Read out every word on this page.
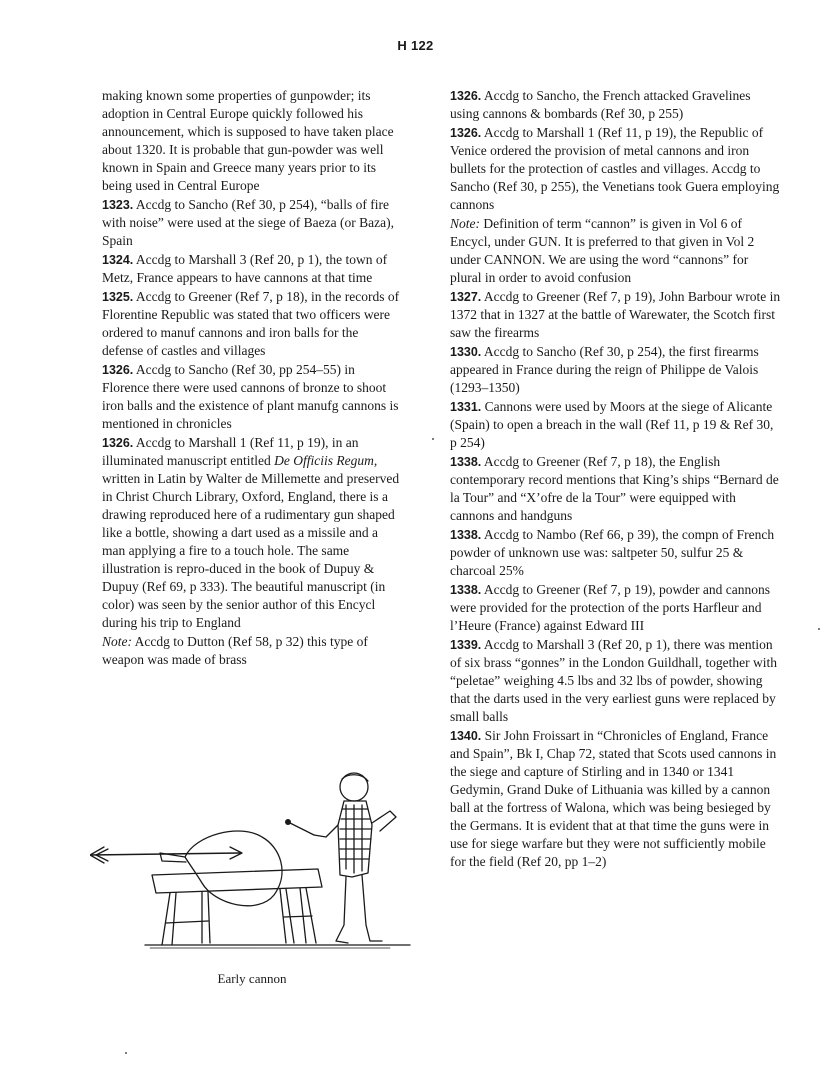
H 122
making known some properties of gunpowder; its adoption in Central Europe quickly followed his announcement, which is supposed to have taken place about 1320. It is probable that gun-powder was well known in Spain and Greece many years prior to its being used in Central Europe
1323. Accdg to Sancho (Ref 30, p 254), “balls of fire with noise” were used at the siege of Baeza (or Baza), Spain
1324. Accdg to Marshall 3 (Ref 20, p 1), the town of Metz, France appears to have cannons at that time
1325. Accdg to Greener (Ref 7, p 18), in the records of Florentine Republic was stated that two officers were ordered to manuf cannons and iron balls for the defense of castles and villages
1326. Accdg to Sancho (Ref 30, pp 254–55) in Florence there were used cannons of bronze to shoot iron balls and the existence of plant manufg cannons is mentioned in chronicles
1326. Accdg to Marshall 1 (Ref 11, p 19), in an illuminated manuscript entitled De Officiis Regum, written in Latin by Walter de Millemette and preserved in Christ Church Library, Oxford, England, there is a drawing reproduced here of a rudimentary gun shaped like a bottle, showing a dart used as a missile and a man applying a fire to a touch hole. The same illustration is repro-duced in the book of Dupuy & Dupuy (Ref 69, p 333). The beautiful manuscript (in color) was seen by the senior author of this Encycl during his trip to England
Note: Accdg to Dutton (Ref 58, p 32) this type of weapon was made of brass
Early cannon
1326. Accdg to Sancho, the French attacked Gravelines using cannons & bombards (Ref 30, p 255)
1326. Accdg to Marshall 1 (Ref 11, p 19), the Republic of Venice ordered the provision of metal cannons and iron bullets for the protection of castles and villages. Accdg to Sancho (Ref 30, p 255), the Venetians took Guera employing cannons
Note: Definition of term “cannon” is given in Vol 6 of Encycl, under GUN. It is preferred to that given in Vol 2 under CANNON. We are using the word “cannons” for plural in order to avoid confusion
1327. Accdg to Greener (Ref 7, p 19), John Barbour wrote in 1372 that in 1327 at the battle of Warewater, the Scotch first saw the firearms
1330. Accdg to Sancho (Ref 30, p 254), the first firearms appeared in France during the reign of Philippe de Valois (1293–1350)
1331. Cannons were used by Moors at the siege of Alicante (Spain) to open a breach in the wall (Ref 11, p 19 & Ref 30, p 254)
1338. Accdg to Greener (Ref 7, p 18), the English contemporary record mentions that King’s ships “Bernard de la Tour” and “X’ofre de la Tour” were equipped with cannons and handguns
1338. Accdg to Nambo (Ref 66, p 39), the compn of French powder of unknown use was: saltpeter 50, sulfur 25 & charcoal 25%
1338. Accdg to Greener (Ref 7, p 19), powder and cannons were provided for the protection of the ports Harfleur and l’Heure (France) against Edward III
1339. Accdg to Marshall 3 (Ref 20, p 1), there was mention of six brass “gonnes” in the London Guildhall, together with “peletae” weighing 4.5 lbs and 32 lbs of powder, showing that the darts used in the very earliest guns were replaced by small balls
1340. Sir John Froissart in “Chronicles of England, France and Spain”, Bk I, Chap 72, stated that Scots used cannons in the siege and capture of Stirling and in 1340 or 1341 Gedymin, Grand Duke of Lithuania was killed by a cannon ball at the fortress of Walona, which was being besieged by the Germans. It is evident that at that time the guns were in use for siege warfare but they were not sufficiently mobile for the field (Ref 20, pp 1–2)
